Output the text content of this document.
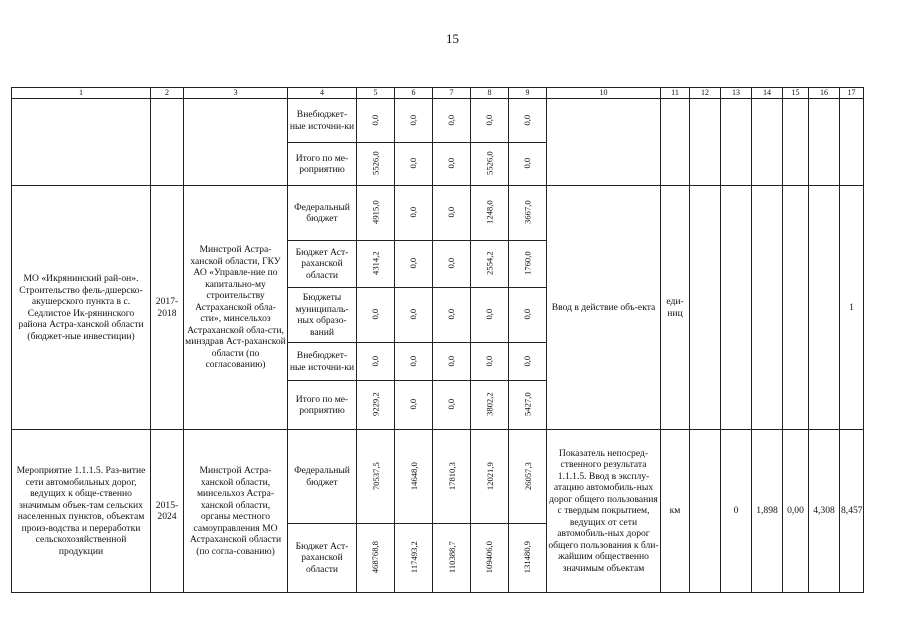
15
1	2	3	4	5	6	7	8	9	10	11	12	13	14	15	16	17
			Внебюджет-ные источни-ки	0,0	0,0	0,0	0,0	0,0								
			Итого по ме-роприятию	5526,0	0,0	0,0	5526,0	0,0								
МО «Икрянинский рай-он». Строительство фель-дшерско-акушерского пункта в с. Седлистое Ик-рянинского района Астра-ханской области (бюджет-ные инвестиции)	2017-2018	Минстрой Астра-ханской области, ГКУ АО «Управле-ние по капитально-му строительству Астраханской обла-сти», минсельхоз Астраханской обла-сти, минздрав Аст-раханской области (по согласованию)	Федеральный бюджет	4915,0	0,0	0,0	1248,0	3667,0	Ввод в действие объ-екта	еди-ниц						1
			Бюджет Аст-раханской области	4314,2	0,0	0,0	2554,2	1760,0								
			Бюджеты муниципаль-ных образо-ваний	0,0	0,0	0,0	0,0	0,0								
			Внебюджет-ные источни-ки	0,0	0,0	0,0	0,0	0,0								
			Итого по ме-роприятию	9229,2	0,0	0,0	3802,2	5427,0								
Мероприятие 1.1.1.5. Раз-витие сети автомобильных дорог, ведущих к обще-ственно значимым объек-там сельских населенных пунктов, объектам произ-водства и переработки сельскохозяйственной продукции	2015-2024	Минстрой Астра-ханской области, минсельхоз Астра-ханской области, органы местного самоуправления МО Астраханской области (по согла-сованию)	Федеральный бюджет	70537,5	14648,0	17810,3	12021,9	26057,3	Показатель непосред-ственного результата 1.1.1.5. Ввод в эксплу-атацию автомобиль-ных дорог общего пользования с твердым покрытием, ведущих от сети автомобиль-ных дорог общего пользования к бли-жайшим общественно значимым объектам	км		0	1,898	0,00	4,308	8,457
			Бюджет Аст-раханской области	468768,8	117493,2	110388,7	109406,0	131480,9								
